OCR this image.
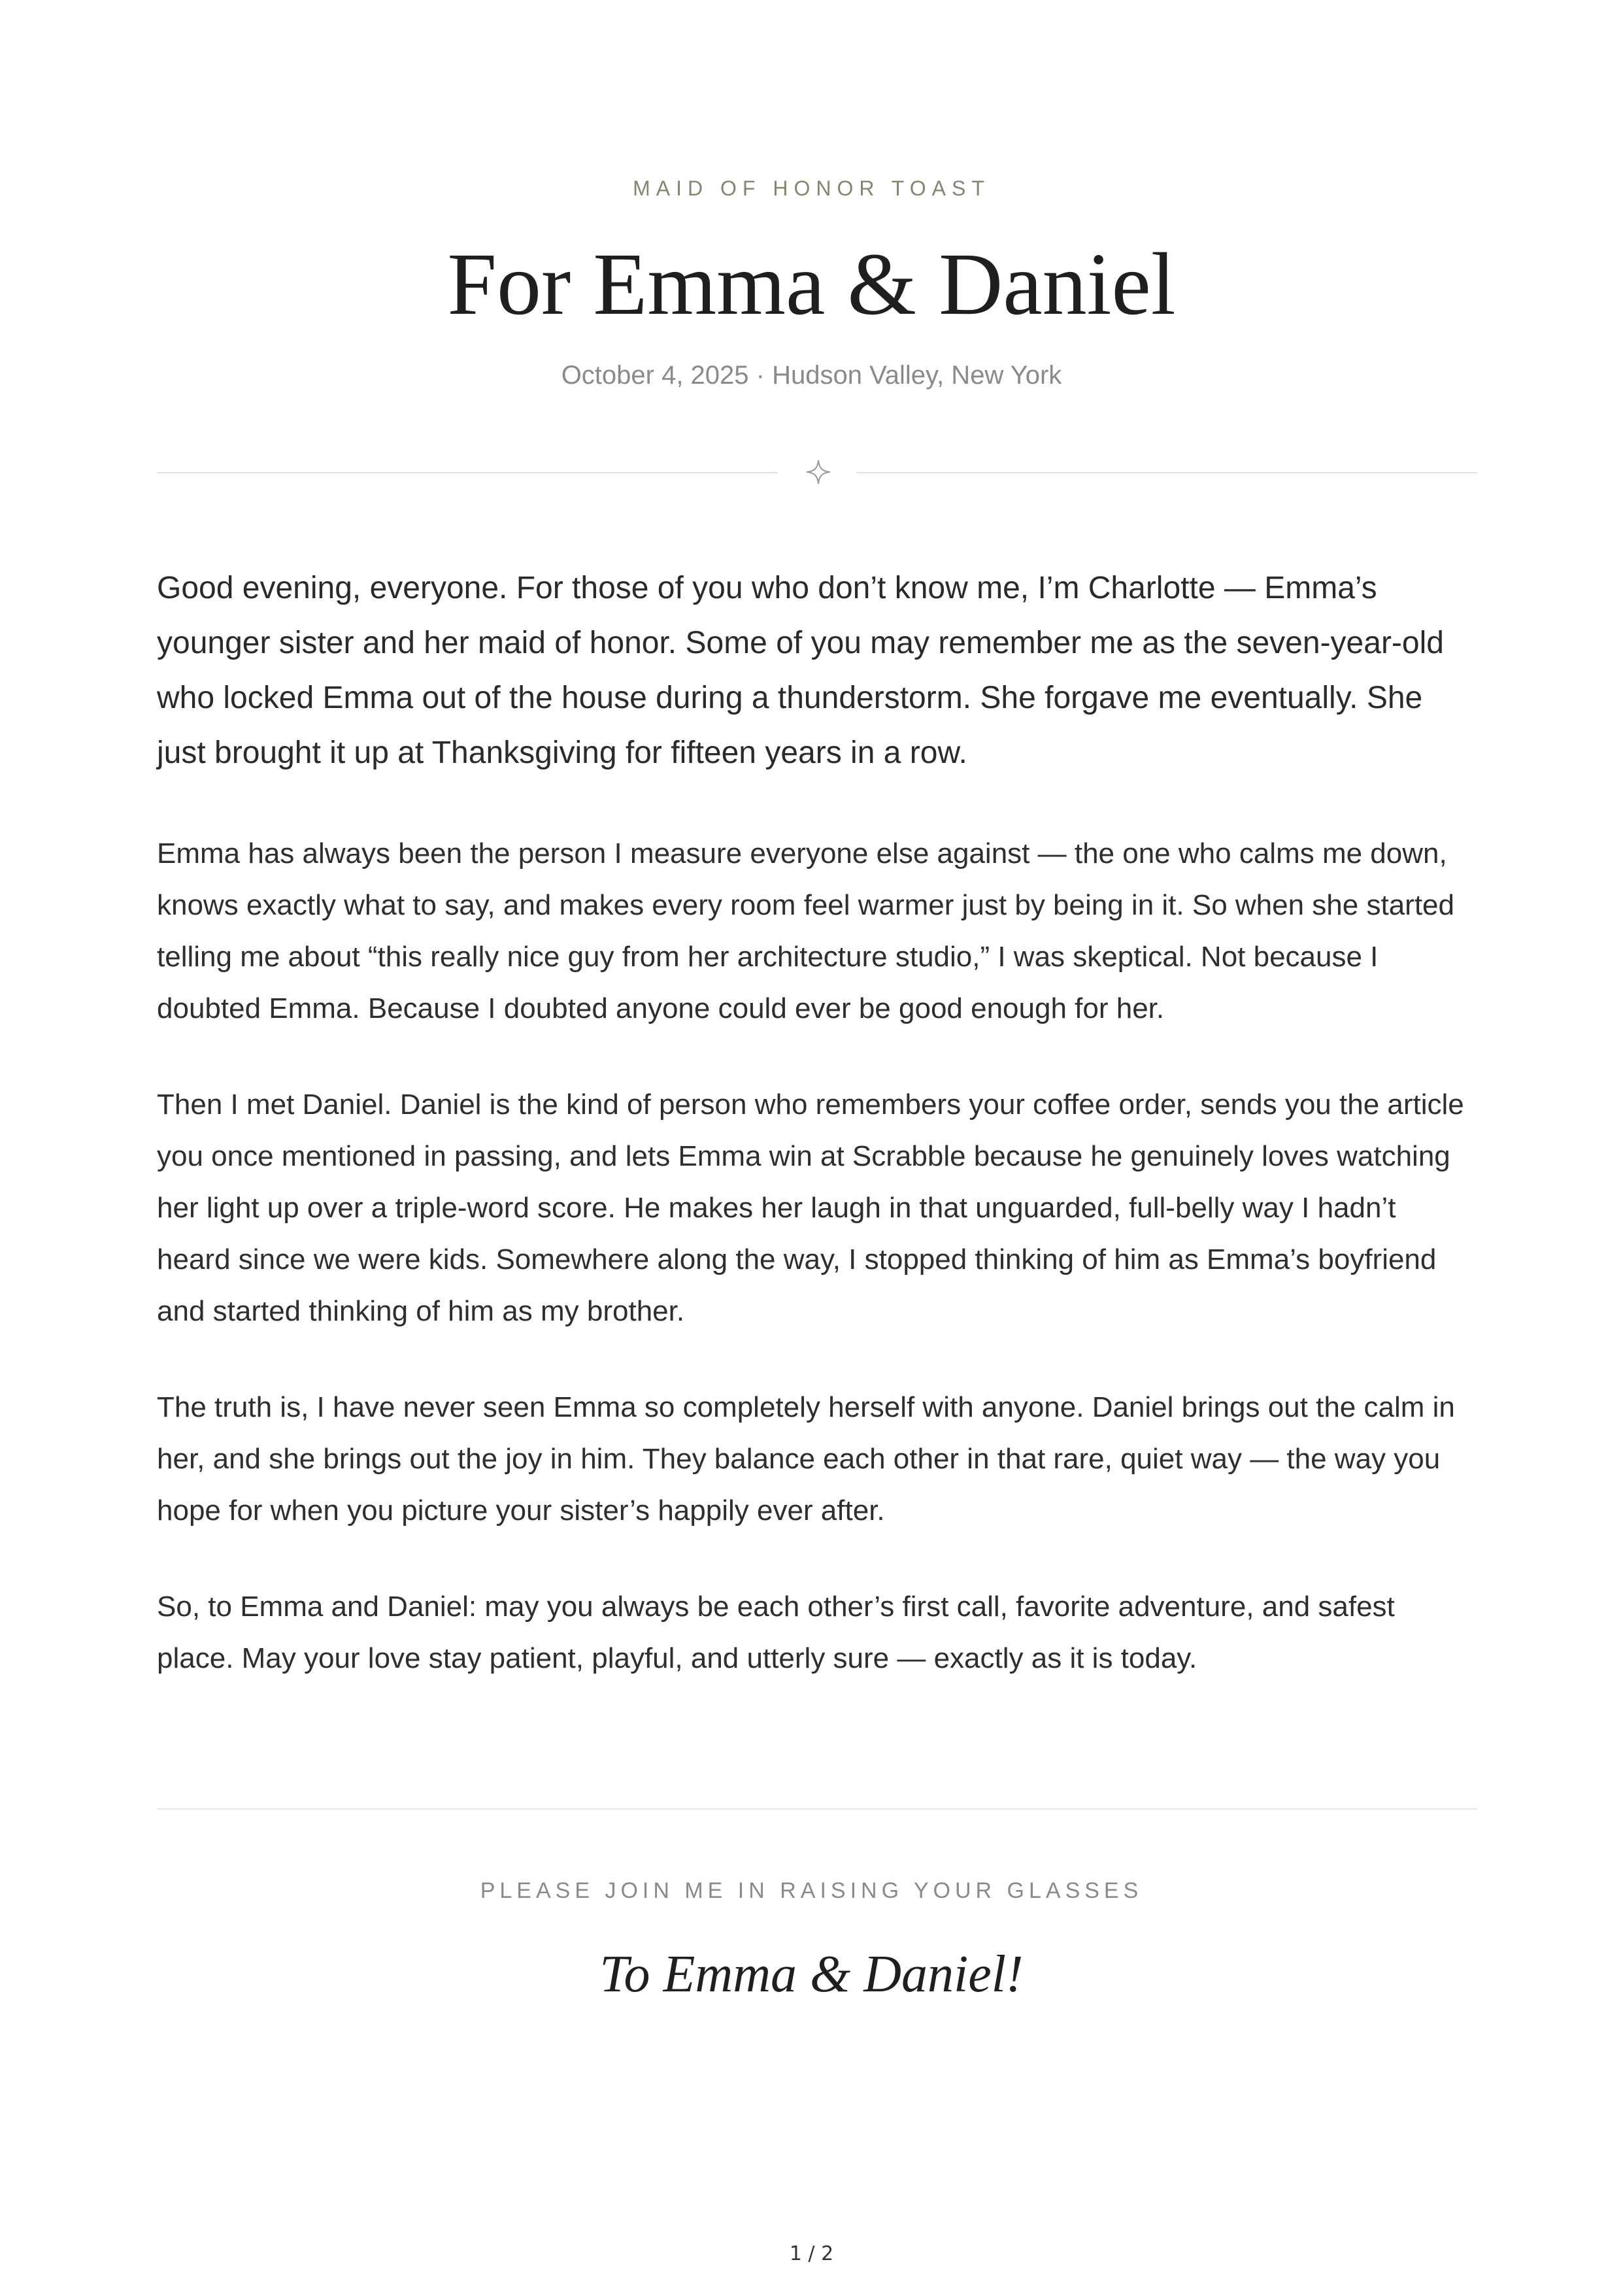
MAID OF HONOR TOAST
For Emma & Daniel
October 4, 2025 · Hudson Valley, New York

Good evening, everyone. For those of you who don’t know me, I’m Charlotte — Emma’s younger sister and her maid of honor. Some of you may remember me as the seven-year-old who locked Emma out of the house during a thunderstorm. She forgave me eventually. She just brought it up at Thanksgiving for fifteen years in a row.

Emma has always been the person I measure everyone else against — the one who calms me down, knows exactly what to say, and makes every room feel warmer just by being in it. So when she started telling me about “this really nice guy from her architecture studio,” I was skeptical. Not because I doubted Emma. Because I doubted anyone could ever be good enough for her.

Then I met Daniel. Daniel is the kind of person who remembers your coffee order, sends you the article you once mentioned in passing, and lets Emma win at Scrabble because he genuinely loves watching her light up over a triple-word score. He makes her laugh in that unguarded, full-belly way I hadn’t heard since we were kids. Somewhere along the way, I stopped thinking of him as Emma’s boyfriend and started thinking of him as my brother.

The truth is, I have never seen Emma so completely herself with anyone. Daniel brings out the calm in her, and she brings out the joy in him. They balance each other in that rare, quiet way — the way you hope for when you picture your sister’s happily ever after.

So, to Emma and Daniel: may you always be each other’s first call, favorite adventure, and safest place. May your love stay patient, playful, and utterly sure — exactly as it is today.

PLEASE JOIN ME IN RAISING YOUR GLASSES
To Emma & Daniel!
1 / 2
